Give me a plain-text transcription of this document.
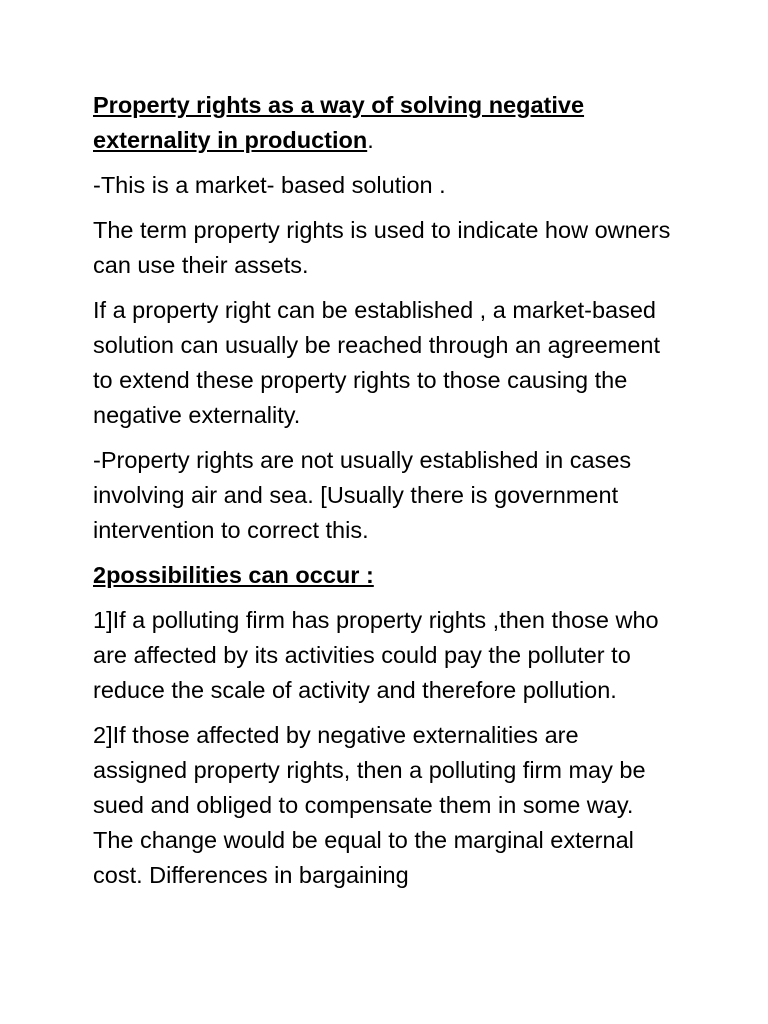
Property rights as a way of solving negative externality in production.

-This is a market- based solution .

The term property rights is used to indicate how owners can use their assets.

If a property right can be established , a market-based solution can usually be reached through an agreement to extend these property rights to those causing the negative externality.

-Property rights are not usually established in cases involving air and sea. [Usually there is government intervention to correct this.

2possibilities can occur :

1]If a polluting firm has property rights ,then those who are affected by its activities could pay the polluter to reduce the scale of activity and therefore pollution.

2]If those affected by negative externalities are assigned property rights, then a polluting firm may be sued and obliged to compensate them in some way. The change would be equal to the marginal external cost. Differences in bargaining
